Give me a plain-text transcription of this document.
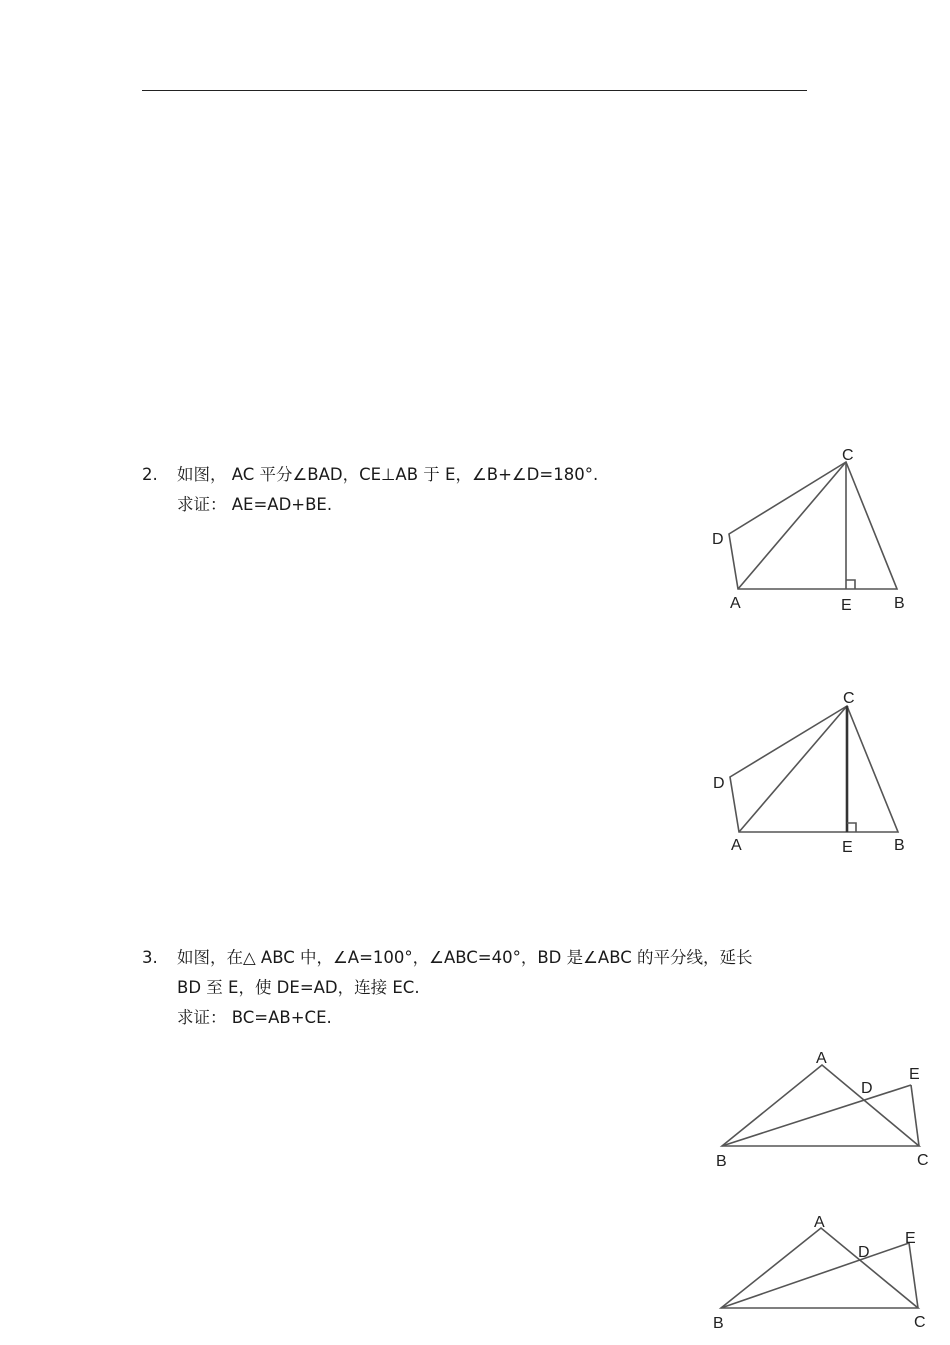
2. 如图， AC 平分∠BAD，CE⊥AB 于 E，∠B+∠D=180°.
求证： AE=AD+BE.
C
D
A	E	B
C
D
A	E	B
3. 如图，在△ ABC 中，∠A=100°，∠ABC=40°，BD 是∠ABC 的平分线，延长
BD 至 E，使 DE=AD，连接 EC.
求证： BC=AB+CE.
A
D
E
B	C
A
D
E
B	C
